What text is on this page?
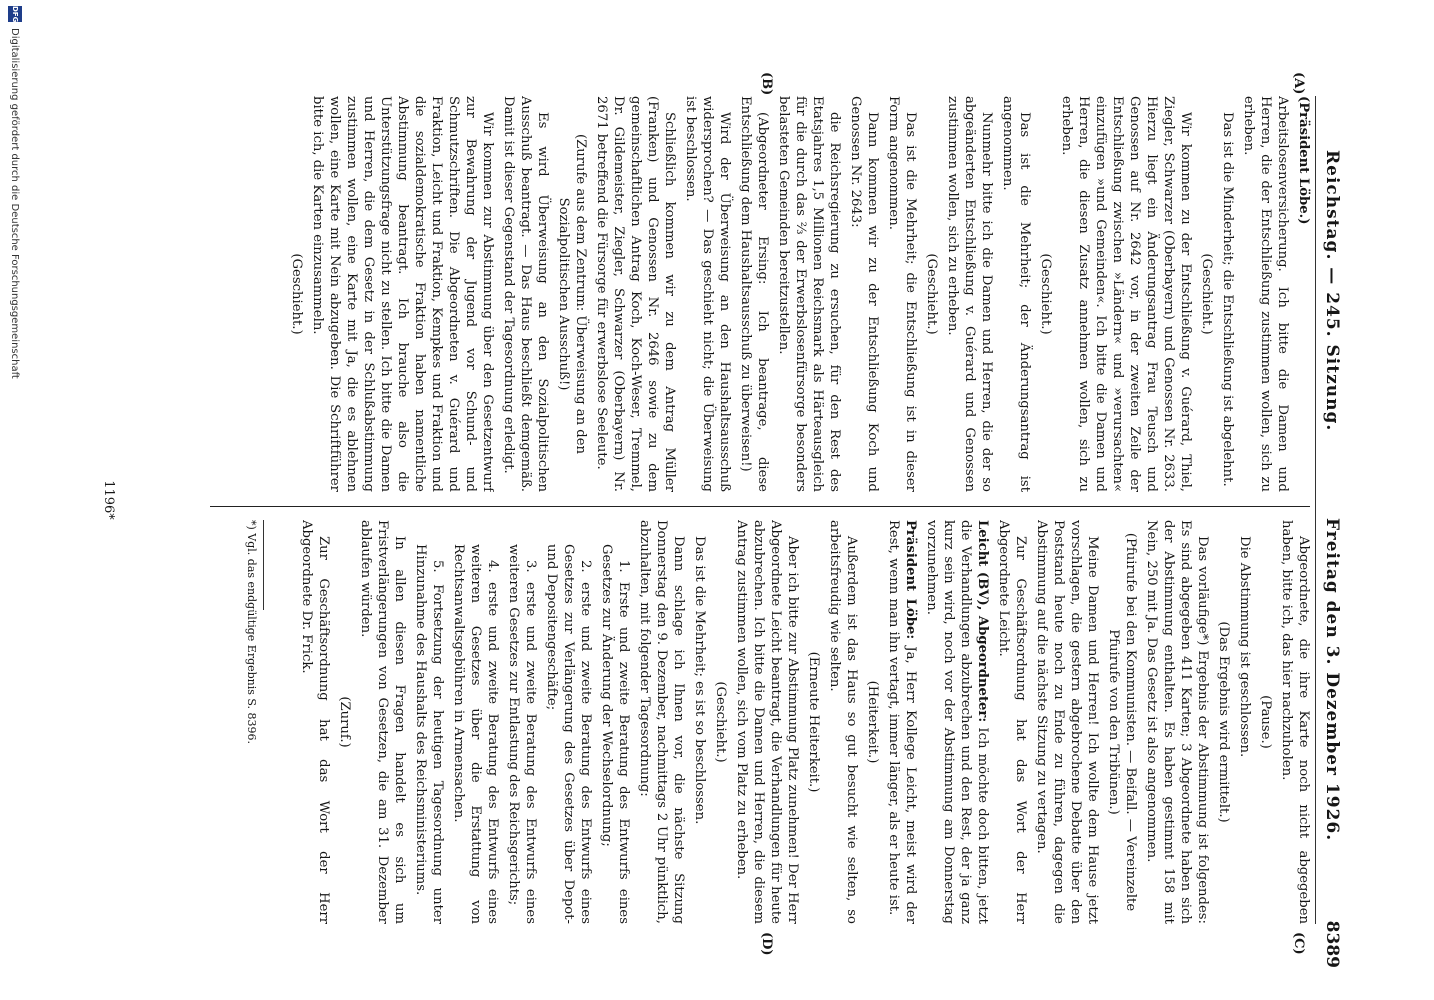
Reichstag. — 245. Sitzung.
Freitag den 3. Dezember 1926.
8389
(A)
(B)
(C)
(D)

(Präsident Löbe.)

Arbeitslosenversicherung. Ich bitte die Damen und Herren, die der Entschließung zustimmen wollen, sich zu erheben.

Das ist die Minderheit; die Entschließung ist abgelehnt.

(Geschieht.)

Wir kommen zu der Entschließung v. Guérard, Thiel, Ziegler, Schwarzer (Oberbayern) und Genossen Nr. 2633. Hierzu liegt ein Änderungsantrag Frau Teusch und Genossen auf Nr. 2642 vor, in der zweiten Zeile der Entschließung zwischen »Ländern« und »verursachten« einzufügen »und Gemeinden«. Ich bitte die Damen und Herren, die diesen Zusatz annehmen wollen, sich zu erheben.

(Geschieht.)

Das ist die Mehrheit; der Änderungsantrag ist angenommen.

Nunmehr bitte ich die Damen und Herren, die der so abgeänderten Entschließung v. Guérard und Genossen zustimmen wollen, sich zu erheben.

(Geschieht.)

Das ist die Mehrheit; die Entschließung ist in dieser Form angenommen.

Dann kommen wir zu der Entschließung Koch und Genossen Nr. 2643:

die Reichsregierung zu ersuchen, für den Rest des Etatsjahres 1,5 Millionen Reichsmark als Härteausgleich für die durch das ⅔ der Erwerbslosenfürsorge besonders belasteten Gemeinden bereitzustellen.

(Abgeordneter Ersing: Ich beantrage, diese Entschließung dem Haushaltsausschuß zu überweisen!)

Wird der Überweisung an den Haushaltsausschuß widersprochen? — Das geschieht nicht; die Überweisung ist beschlossen.

Schließlich kommen wir zu dem Antrag Müller (Franken) und Genossen Nr. 2646 sowie zu dem gemeinschaftlichen Antrag Koch, Koch-Weser, Tremmel, Dr. Gildemeister, Ziegler, Schwarzer (Oberbayern) Nr. 2671 betreffend die Fürsorge für erwerbslose Seeleute.

(Zurufe aus dem Zentrum: Überweisung an den Sozialpolitischen Ausschuß!)

Es wird Überweisung an den Sozialpolitischen Ausschuß beantragt. — Das Haus beschließt demgemäß. Damit ist dieser Gegenstand der Tagesordnung erledigt.

Wir kommen zur Abstimmung über den Gesetzentwurf zur Bewahrung der Jugend vor Schund- und Schmutzschriften. Die Abgeordneten v. Guérard und Fraktion, Leicht und Fraktion, Kempkes und Fraktion und die sozialdemokratische Fraktion haben namentliche Abstimmung beantragt. Ich brauche also die Unterstützungsfrage nicht zu stellen. Ich bitte die Damen und Herren, die dem Gesetz in der Schlußabstimmung zustimmen wollen, eine Karte mit Ja, die es ablehnen wollen, eine Karte mit Nein abzugeben. Die Schriftführer bitte ich, die Karten einzusammeln.

(Geschieht.)

Abgeordnete, die ihre Karte noch nicht abgegeben haben, bitte ich, das hier nachzuholen.

(Pause.)

Die Abstimmung ist geschlossen.

(Das Ergebnis wird ermittelt.)

Das vorläufige*) Ergebnis der Abstimmung ist folgendes: Es sind abgegeben 411 Karten; 3 Abgeordnete haben sich der Abstimmung enthalten. Es haben gestimmt 158 mit Nein, 250 mit Ja. Das Gesetz ist also angenommen.

(Pfuirufe bei den Kommunisten. — Beifall. — Vereinzelte Pfuirufe von den Tribünen.)

Meine Damen und Herren! Ich wollte dem Hause jetzt vorschlagen, die gestern abgebrochene Debatte über den Poststand heute noch zu Ende zu führen, dagegen die Abstimmung auf die nächste Sitzung zu vertagen.

Zur Geschäftsordnung hat das Wort der Herr Abgeordnete Leicht.

Leicht (BV), Abgeordneter: Ich möchte doch bitten, jetzt die Verhandlungen abzubrechen und den Rest, der ja ganz kurz sein wird, noch vor der Abstimmung am Donnerstag vorzunehmen.

Präsident Löbe: Ja, Herr Kollege Leicht, meist wird der Rest, wenn man ihn vertagt, immer länger, als er heute ist.

(Heiterkeit.)

Außerdem ist das Haus so gut besucht wie selten, so arbeitsfreudig wie selten.

(Erneute Heiterkeit.)

Aber ich bitte zur Abstimmung Platz zunehmen! Der Herr Abgeordnete Leicht beantragt, die Verhandlungen für heute abzubrechen. Ich bitte die Damen und Herren, die diesem Antrag zustimmen wollen, sich vom Platz zu erheben.

(Geschieht.)

Das ist die Mehrheit; es ist so beschlossen.

Dann schlage ich Ihnen vor, die nächste Sitzung Donnerstag den 9. Dezember, nachmittags 2 Uhr pünktlich, abzuhalten, mit folgender Tagesordnung:

1. Erste und zweite Beratung des Entwurfs eines Gesetzes zur Änderung der Wechselordnung;

2. erste und zweite Beratung des Entwurfs eines Gesetzes zur Verlängerung des Gesetzes über Depot- und Depositengeschäfte;

3. erste und zweite Beratung des Entwurfs eines weiteren Gesetzes zur Entlastung des Reichsgerichts;

4. erste und zweite Beratung des Entwurfs eines weiteren Gesetzes über die Erstattung von Rechtsanwaltsgebühren in Armensachen.

5. Fortsetzung der heutigen Tagesordnung unter Hinzunahme des Haushalts des Reichsministeriums.

In allen diesen Fragen handelt es sich um Fristverlängerungen von Gesetzen, die am 31. Dezember ablaufen würden.

(Zuruf.)

Zur Geschäftsordnung hat das Wort der Herr Abgeordnete Dr. Frick.

*) Vgl. das endgültige Ergebnis S. 8396.
1196*
DFG
Digitalisierung gefördert durch die Deutsche Forschungsgemeinschaft
